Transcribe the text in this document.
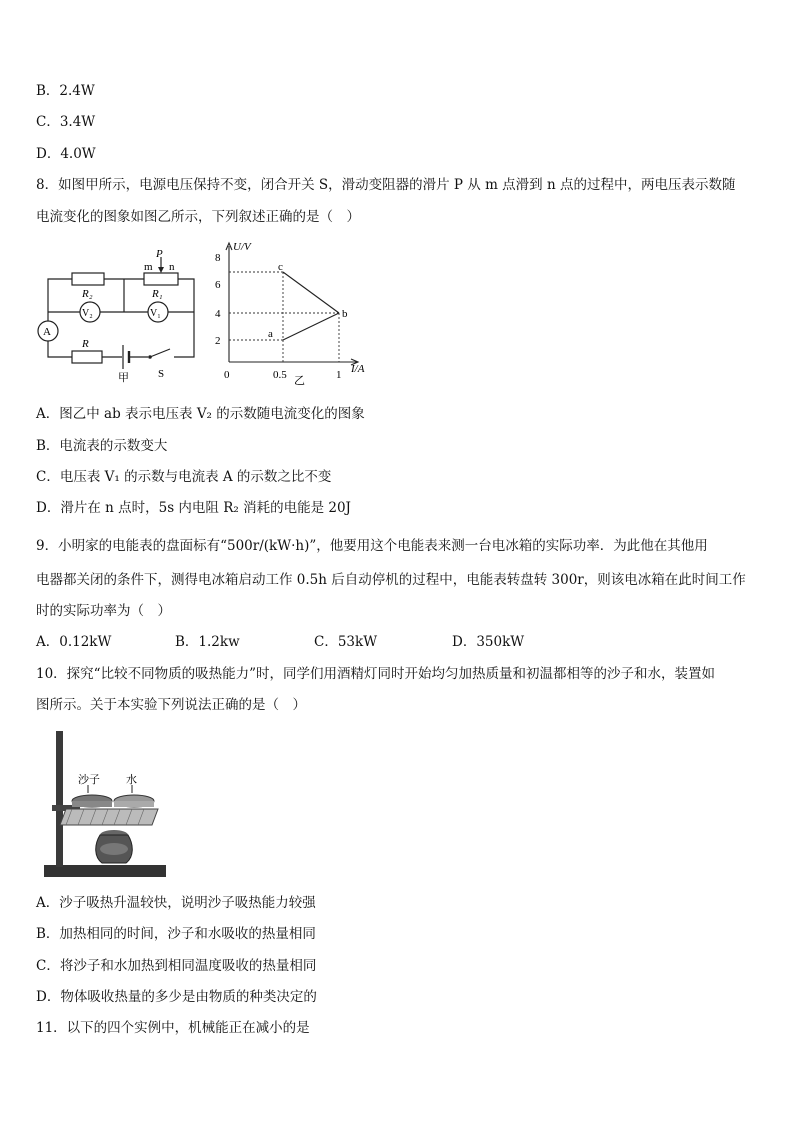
B．2.4W
C．3.4W
D．4.0W
8．如图甲所示，电源电压保持不变，闭合开关 S，滑动变阻器的滑片 P 从 m 点滑到 n 点的过程中，两电压表示数随
电流变化的图象如图乙所示，下列叙述正确的是（　）
R₂	R₁
P
m n
V₂	V₁
A
R
S
甲
U/V
I/A
8
6
4
2
0	0.5	1
c
b
a
乙
A．图乙中 ab 表示电压表 V₂ 的示数随电流变化的图象
B．电流表的示数变大
C．电压表 V₁ 的示数与电流表 A 的示数之比不变
D．滑片在 n 点时，5s 内电阻 R₂ 消耗的电能是 20J
9．小明家的电能表的盘面标有“500r/(kW·h)”，他要用这个电能表来测一台电冰箱的实际功率．为此他在其他用
电器都关闭的条件下，测得电冰箱启动工作 0.5h 后自动停机的过程中，电能表转盘转 300r，则该电冰箱在此时间工作
时的实际功率为（　）
A．0.12kW	B．1.2kw	C．53kW	D．350kW
10．探究“比较不同物质的吸热能力”时，同学们用酒精灯同时开始均匀加热质量和初温都相等的沙子和水，装置如
图所示。关于本实验下列说法正确的是（　）
沙子 水
A．沙子吸热升温较快，说明沙子吸热能力较强
B．加热相同的时间，沙子和水吸收的热量相同
C．将沙子和水加热到相同温度吸收的热量相同
D．物体吸收热量的多少是由物质的种类决定的
11．以下的四个实例中，机械能正在减小的是
